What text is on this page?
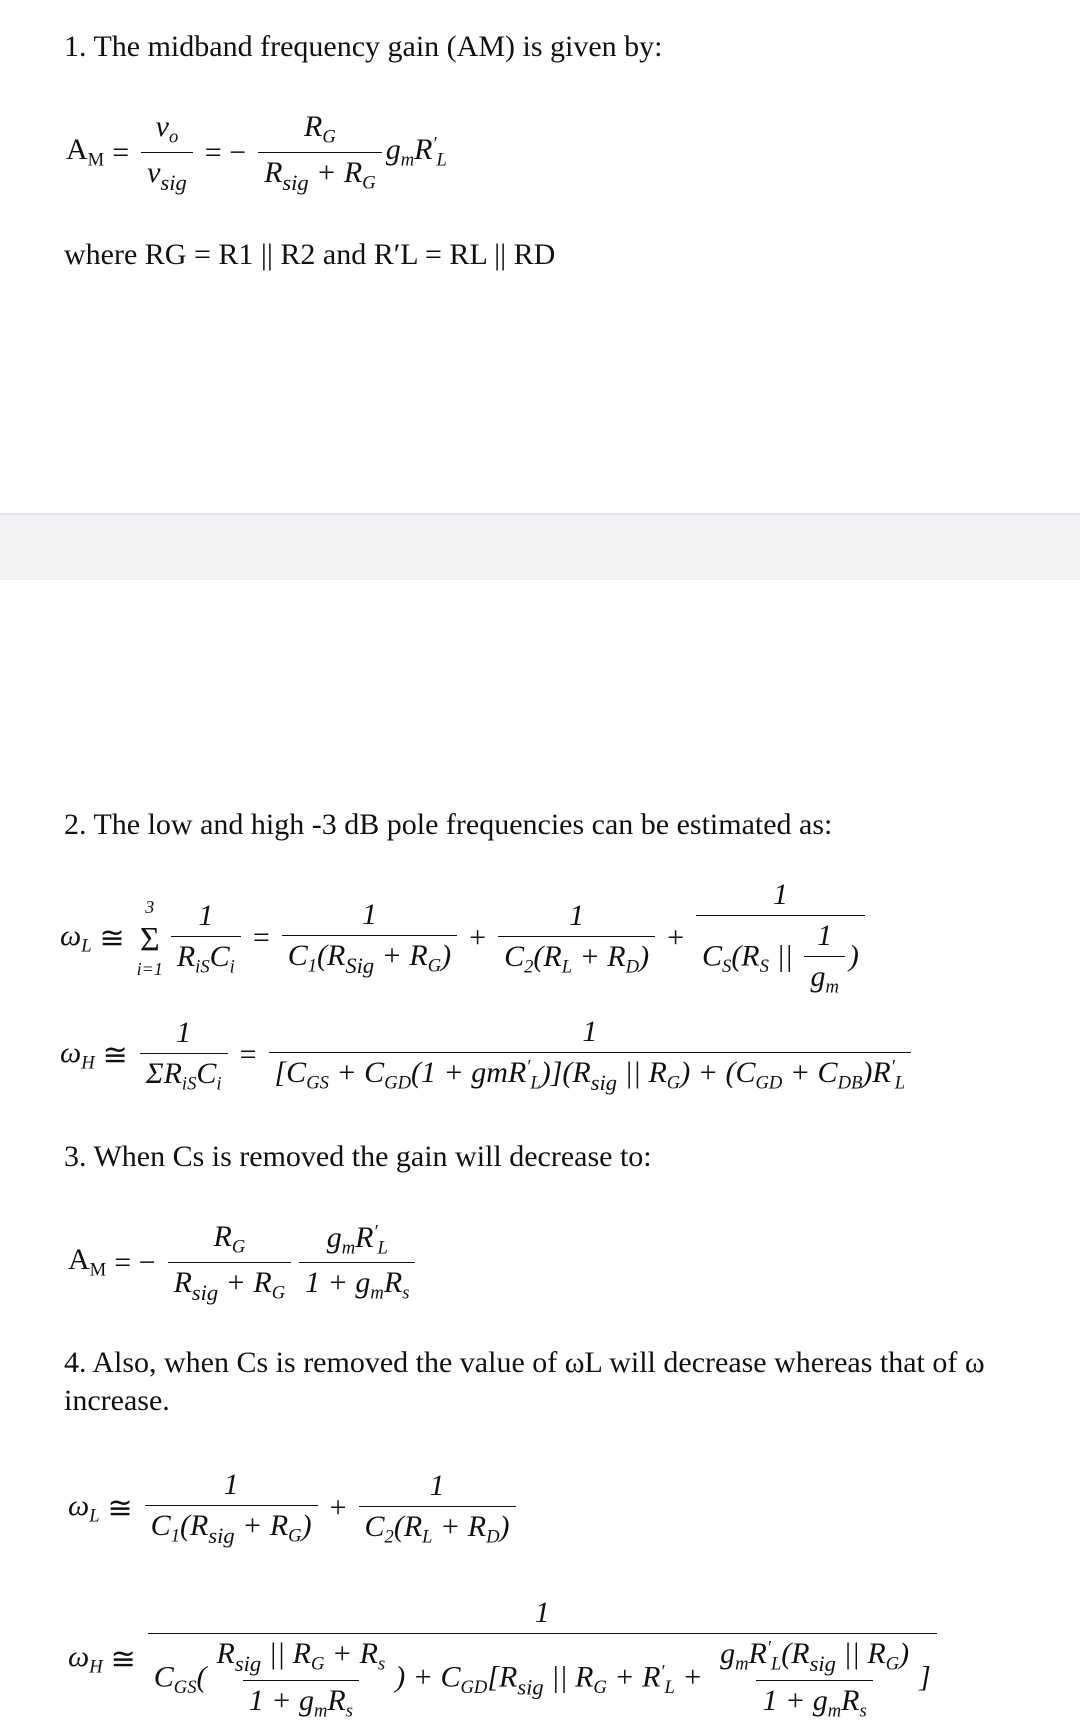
1. The midband frequency gain (AM) is given by:
$A_M = \frac{v_o}{v_{sig}}$ = − $\frac{R_G}{R_{sig} + R_G} g_mR'_L$
where RG = R1 || R2 and R′L = RL || RD
2. The low and high -3 dB pole frequencies can be estimated as:
$\omega_L$ ≅
3
Σ
$i=1 \frac{1}{R_{iS}C_i} = \frac{1}{C_1(R_{Sig} + R_G)} + \frac{1}{C_2(R_L + R_D)} + \frac{1}{C_S(R_S || \frac{1}{g_m} )}$
$\omega_H$ ≅ $\frac{1}{\Sigma R_{iS}C_i} = \frac{1}{[C_{GS} + C_{GD}(1 + gmR'_L)](R_{sig} || R_G) + (C_{GD} + C_{DB})R'_L}$
3. When Cs is removed the gain will decrease to:
$A_M$ = − $\frac{R_G}{R_{sig} + R_G} \frac{g_mR'_L}{1 + g_mR_s}$
4. Also, when Cs is removed the value of ωL will decrease whereas that of ω
increase.
$\omega_L$ ≅ $\frac{1}{C_1(R_{sig} + R_G)} + \frac{1}{C_2(R_L + R_D)}$
$\omega_H$ ≅
1
$C_{GS}( \frac{R_{sig} || R_G + R_s}{1 + g_mR_s}$ ) + $C_{GD}[R_{sig}$ || $R_G + R'_L + \frac{g_mR'_L(R_{sig} || R_G)}{1 + g_mR_s}$ ]
